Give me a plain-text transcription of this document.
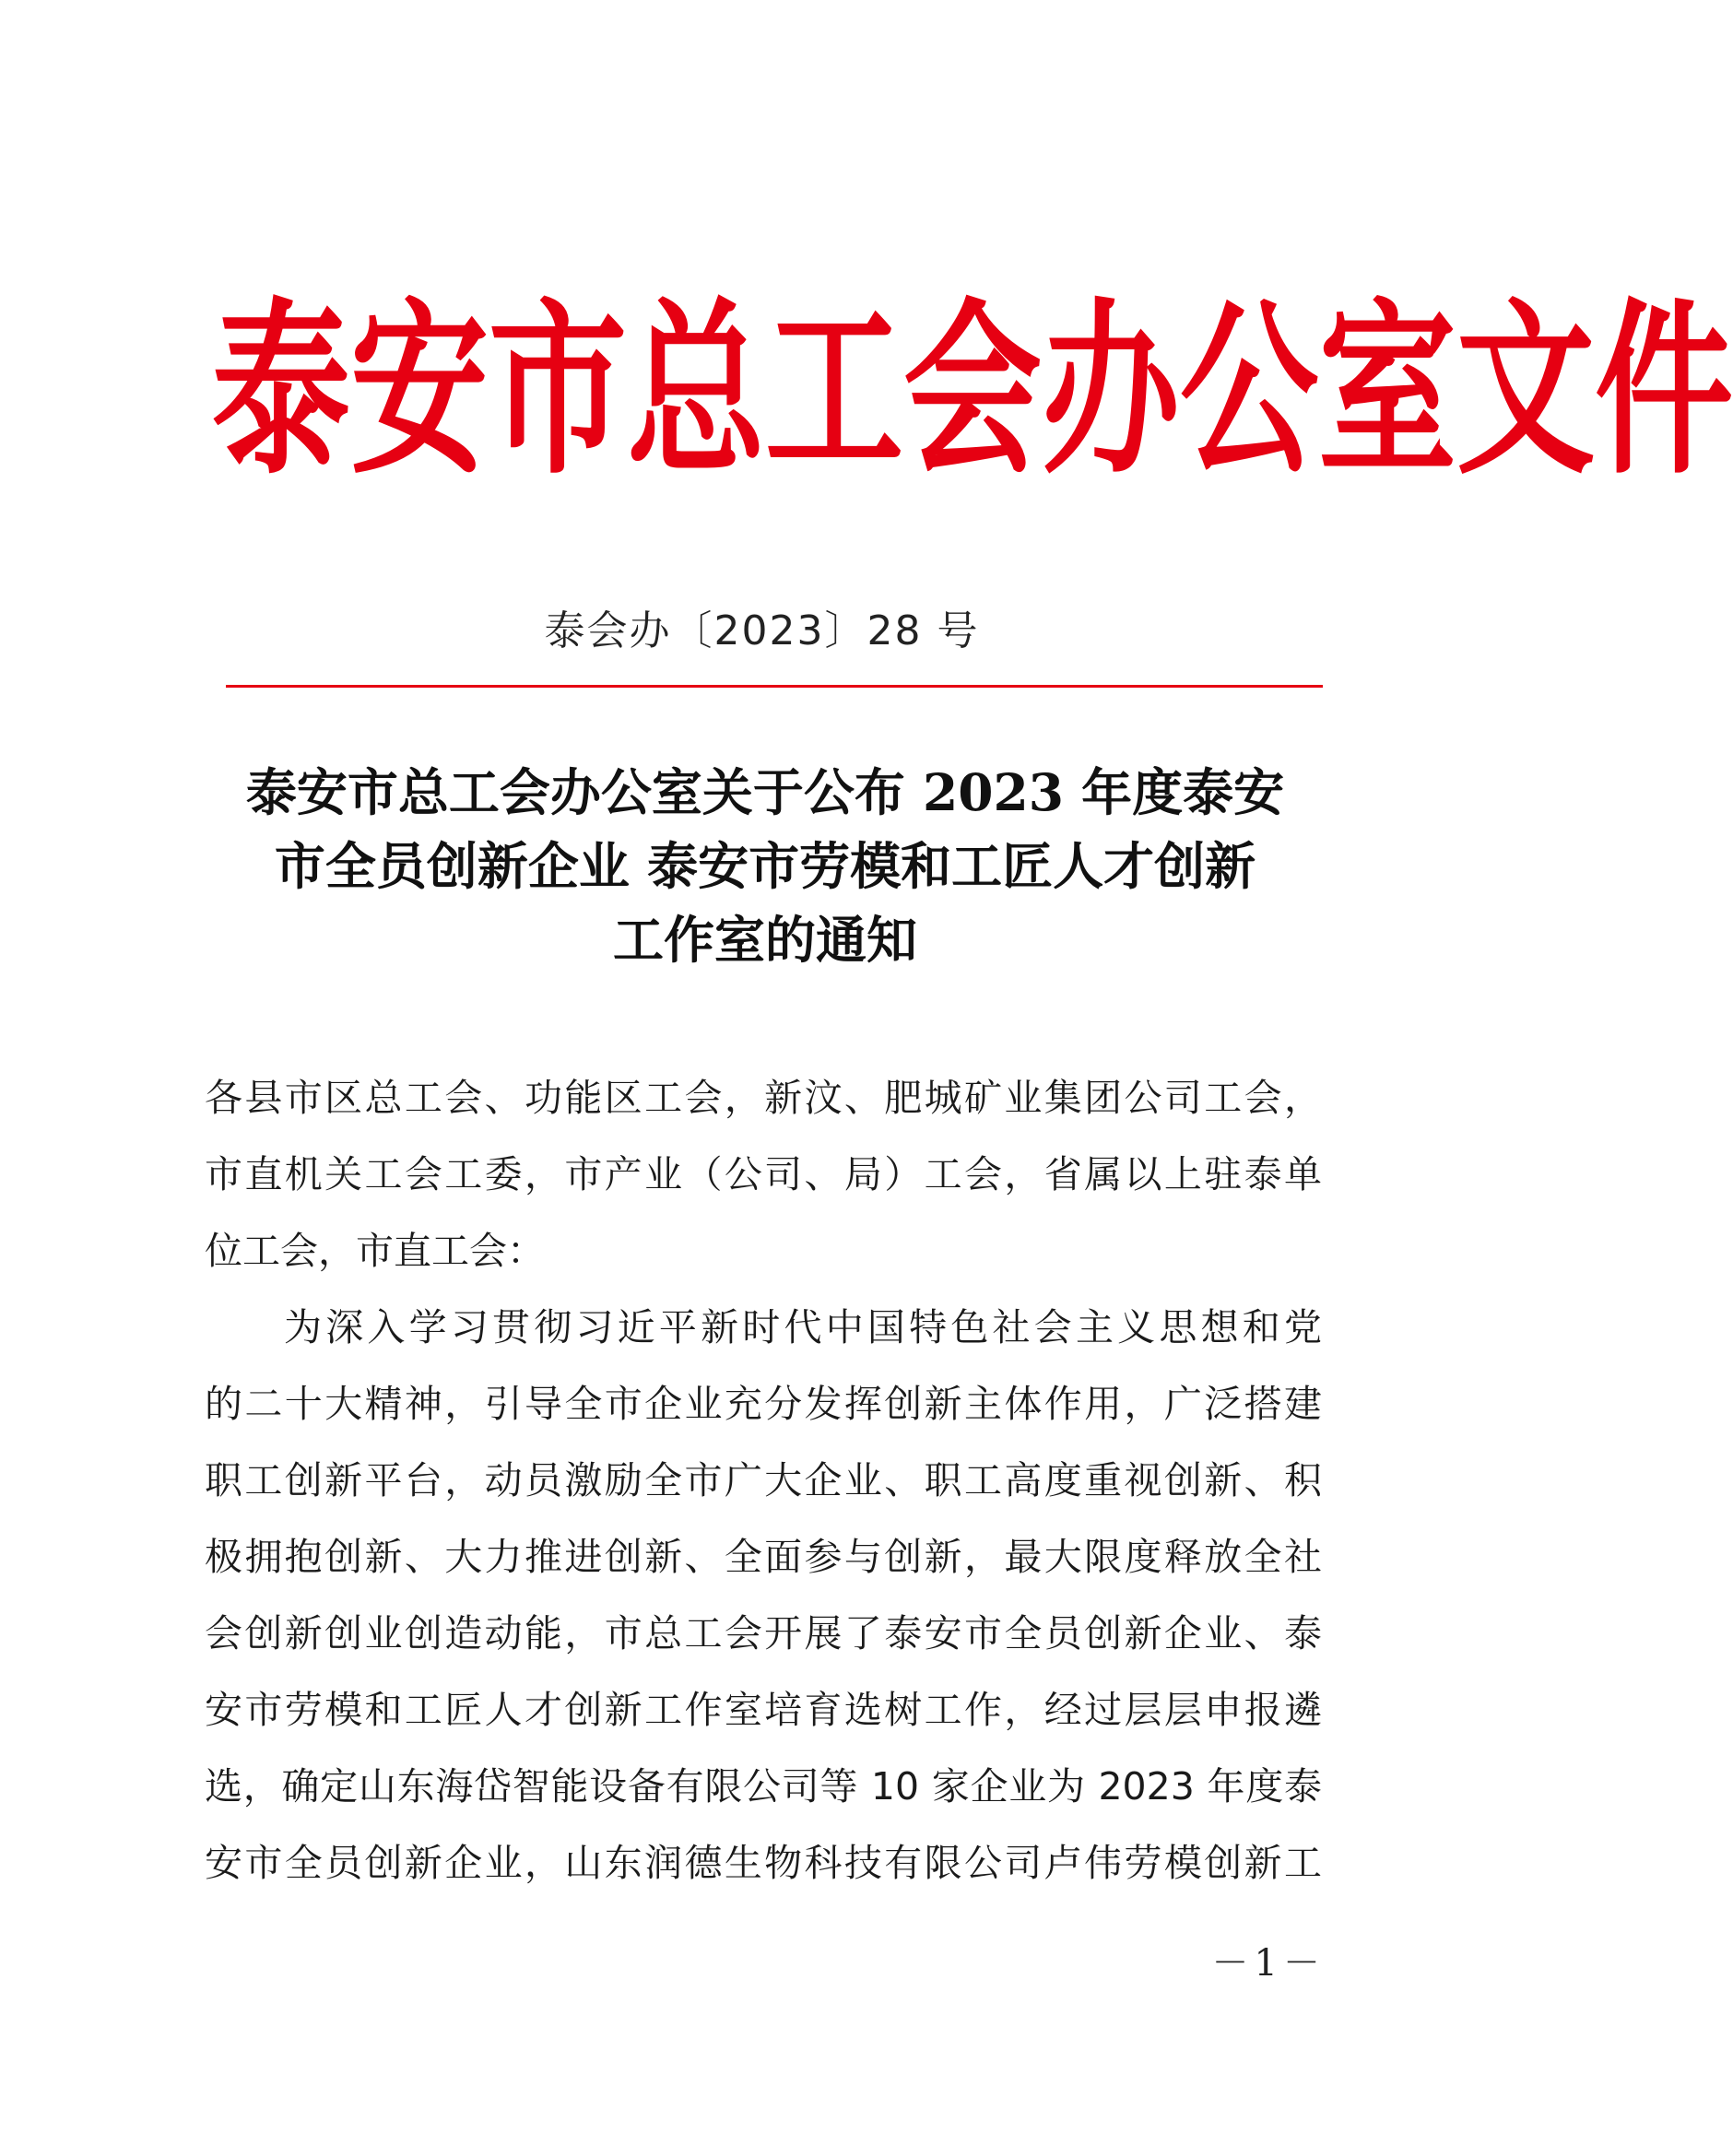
泰 安 市 总 工 会 办 公 室 文 件
泰会办〔2023〕28 号
泰安市总工会办公室关于公布 2023 年度泰安
市全员创新企业 泰安市劳模和工匠人才创新
工作室的通知
各县市区总工会、功能区工会，新汶、肥城矿业集团公司工会，
市直机关工会工委，市产业（公司、局）工会，省属以上驻泰单
位工会，市直工会：
为深入学习贯彻习近平新时代中国特色社会主义思想和党
的二十大精神，引导全市企业充分发挥创新主体作用，广泛搭建
职工创新平台，动员激励全市广大企业、职工高度重视创新、积
极拥抱创新、大力推进创新、全面参与创新，最大限度释放全社
会创新创业创造动能，市总工会开展了泰安市全员创新企业、泰
安市劳模和工匠人才创新工作室培育选树工作，经过层层申报遴
选，确定山东海岱智能设备有限公司等 10 家企业为 2023 年度泰
安市全员创新企业，山东润德生物科技有限公司卢伟劳模创新工
－1－
